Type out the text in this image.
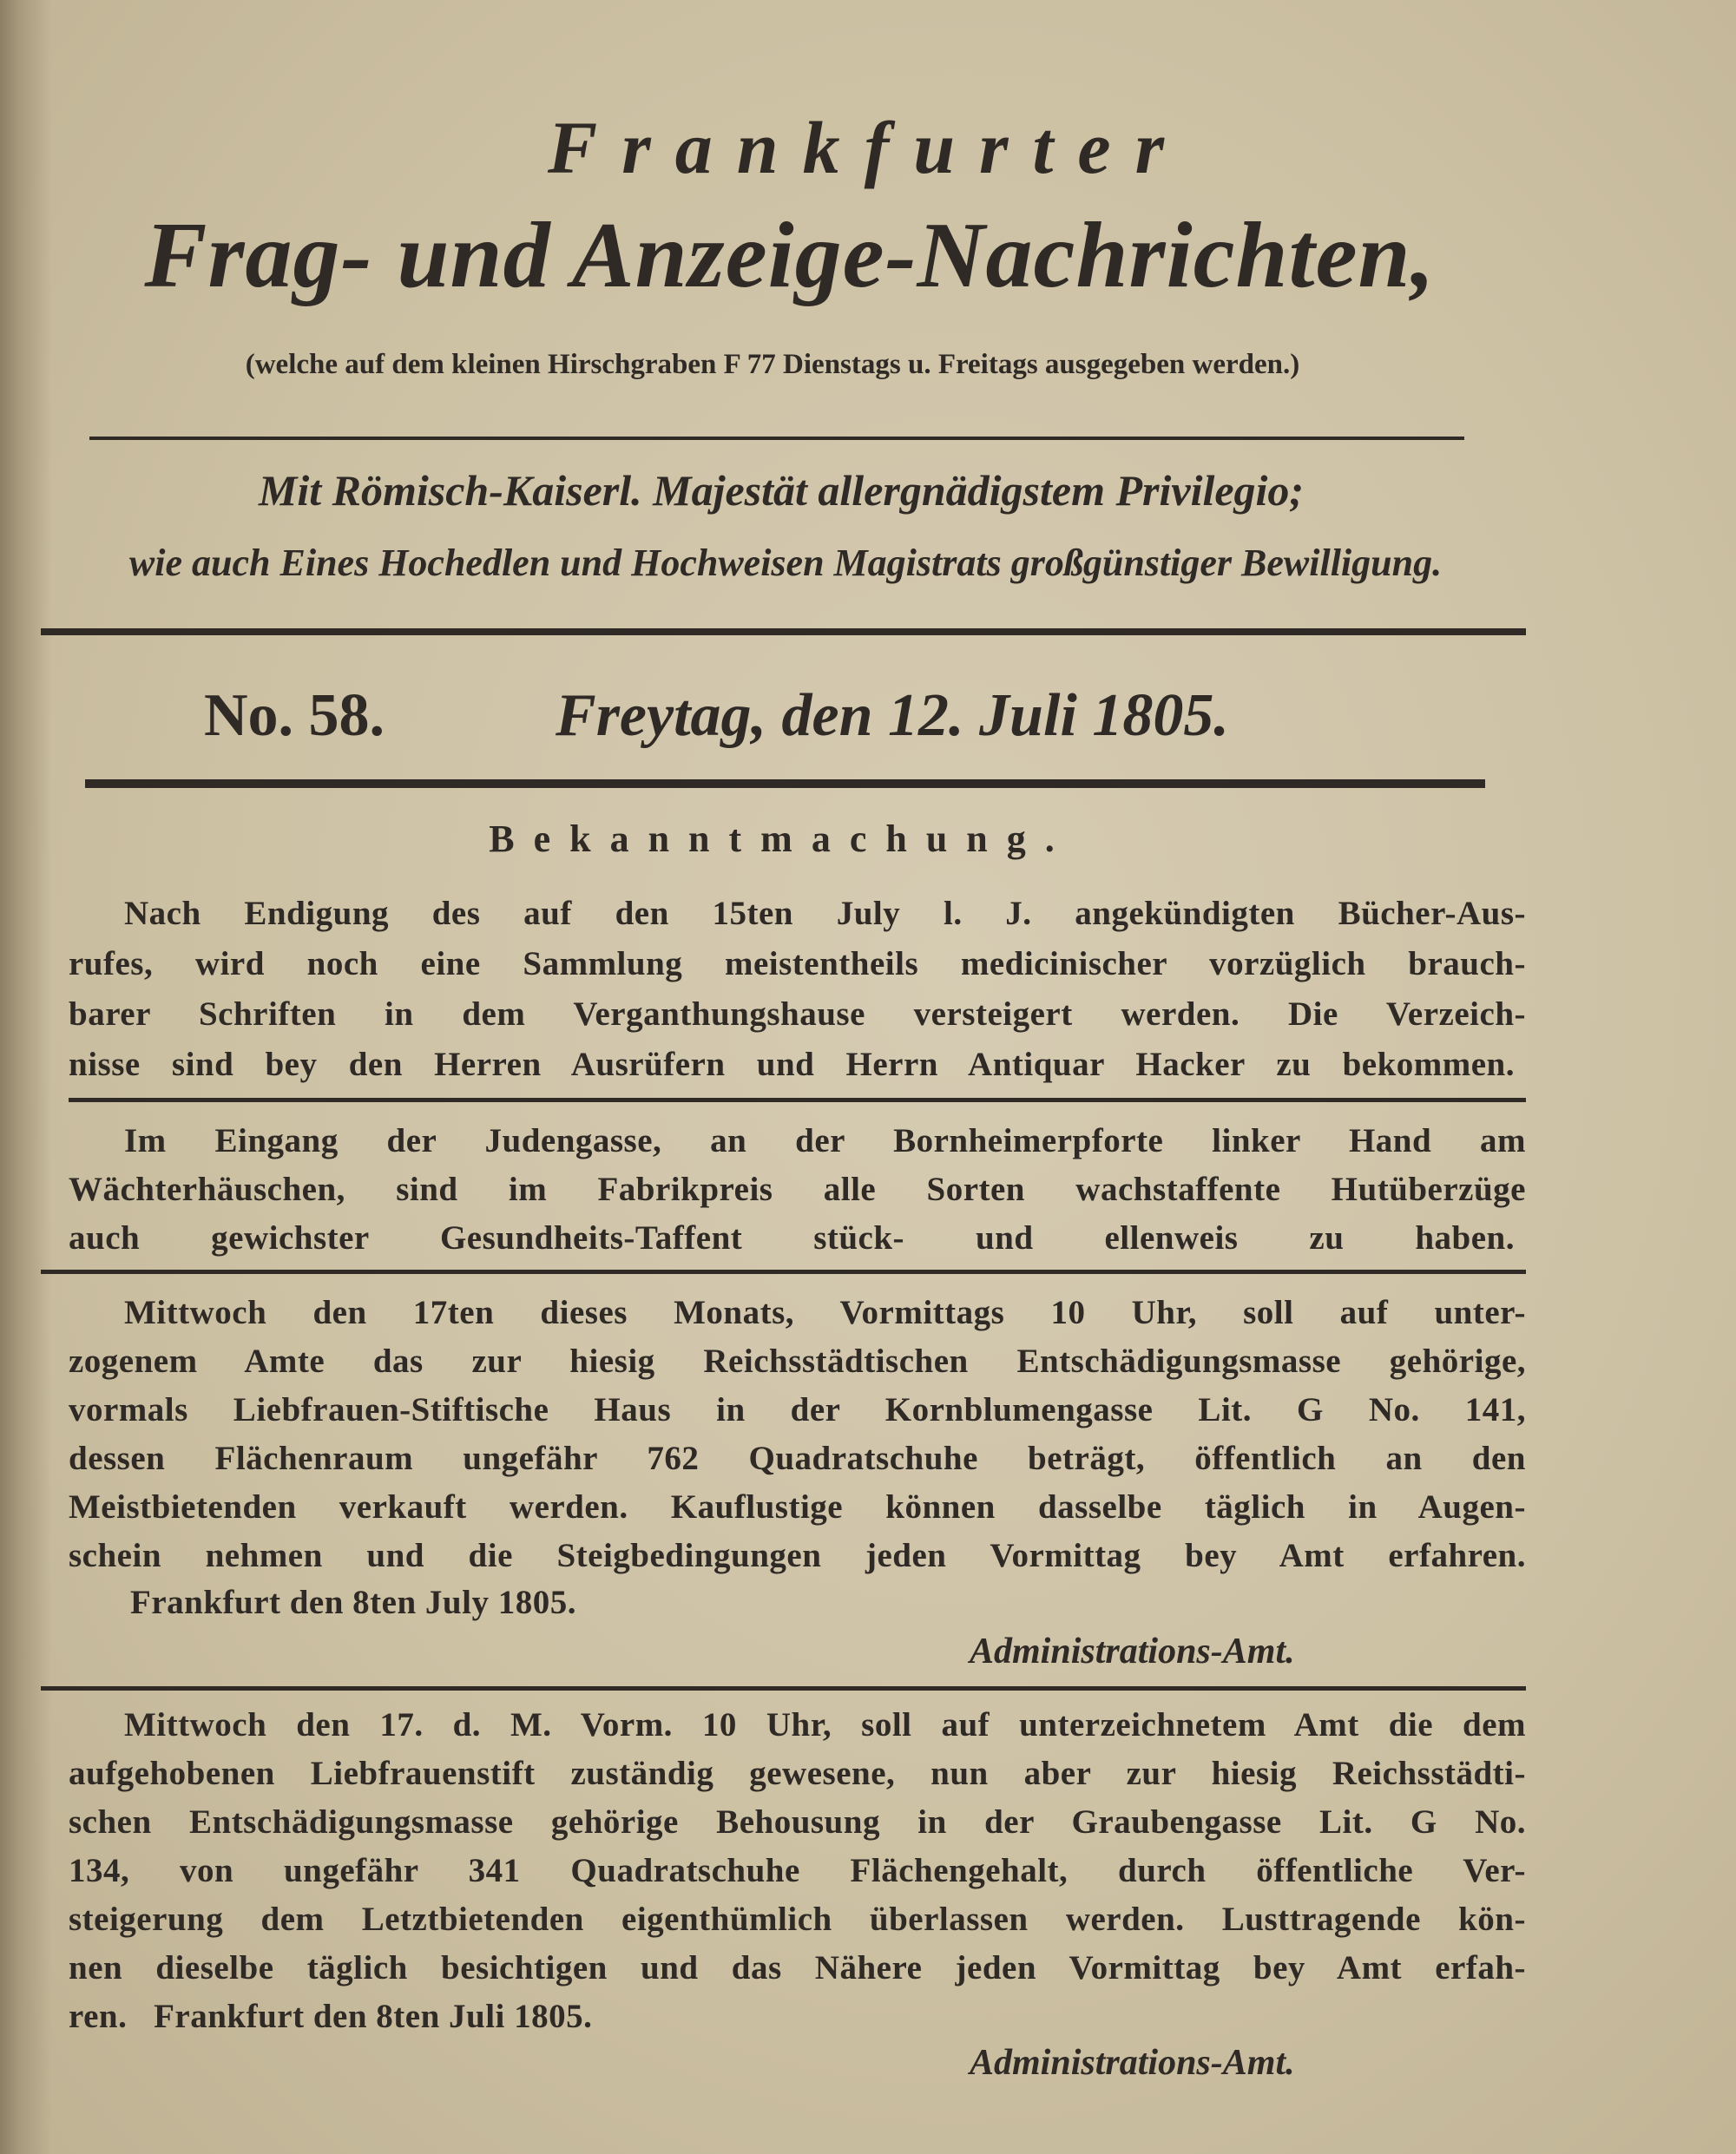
Frankfurter
Frag- und Anzeige-Nachrichten,
(welche auf dem kleinen Hirschgraben F 77 Dienstags u. Freitags ausgegeben werden.)
Mit Römisch-Kaiserl. Majestät allergnädigstem Privilegio;
wie auch Eines Hochedlen und Hochweisen Magistrats großgünstiger Bewilligung.
No. 58.	Freytag, den 12. Juli 1805.
Bekanntmachung.
Nach Endigung des auf den 15ten July l. J. angekündigten Bücher-Aus-
rufes, wird noch eine Sammlung meistentheils medicinischer vorzüglich brauch-
barer Schriften in dem Verganthungshause versteigert werden. Die Verzeich-
nisse sind bey den Herren Ausrüfern und Herrn Antiquar Hacker zu bekommen.
Im Eingang der Judengasse, an der Bornheimerpforte linker Hand am
Wächterhäuschen, sind im Fabrikpreis alle Sorten wachstaffente Hutüberzüge
auch gewichster Gesundheits-Taffent stück- und ellenweis zu haben.
Mittwoch den 17ten dieses Monats, Vormittags 10 Uhr, soll auf unter-
zogenem Amte das zur hiesig Reichsstädtischen Entschädigungsmasse gehörige,
vormals Liebfrauen-Stiftische Haus in der Kornblumengasse Lit. G No. 141,
dessen Flächenraum ungefähr 762 Quadratschuhe beträgt, öffentlich an den
Meistbietenden verkauft werden. Kauflustige können dasselbe täglich in Augen-
schein nehmen und die Steigbedingungen jeden Vormittag bey Amt erfahren.
Frankfurt den 8ten July 1805.
Administrations-Amt.
Mittwoch den 17. d. M. Vorm. 10 Uhr, soll auf unterzeichnetem Amt die dem
aufgehobenen Liebfrauenstift zuständig gewesene, nun aber zur hiesig Reichsstädti-
schen Entschädigungsmasse gehörige Behousung in der Graubengasse Lit. G No.
134, von ungefähr 341 Quadratschuhe Flächengehalt, durch öffentliche Ver-
steigerung dem Letztbietenden eigenthümlich überlassen werden. Lusttragende kön-
nen dieselbe täglich besichtigen und das Nähere jeden Vormittag bey Amt erfah-
ren.   Frankfurt den 8ten Juli 1805.
Administrations-Amt.
